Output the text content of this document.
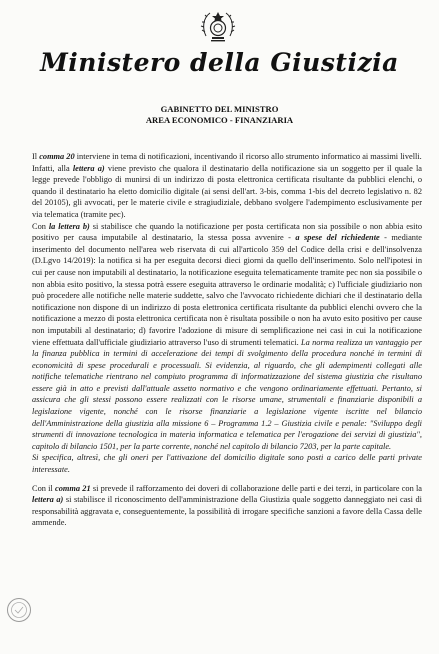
Ministero della Giustizia
GABINETTO DEL MINISTRO
AREA ECONOMICO - FINANZIARIA

Il comma 20 interviene in tema di notificazioni, incentivando il ricorso allo strumento informatico ai massimi livelli.

Infatti, alla lettera a) viene previsto che qualora il destinatario della notificazione sia un soggetto per il quale la legge prevede l'obbligo di munirsi di un indirizzo di posta elettronica certificata risultante da pubblici elenchi, o quando il destinatario ha eletto domicilio digitale (ai sensi dell'art. 3-bis, comma 1-bis del decreto legislativo n. 82 del 20105), gli avvocati, per le materie civile e stragiudiziale, debbano svolgere l'adempimento esclusivamente per via telematica (tramite pec).

Con la lettera b) si stabilisce che quando la notificazione per posta certificata non sia possibile o non abbia esito positivo per causa imputabile al destinatario, la stessa possa avvenire - a spese del richiedente - mediante inserimento del documento nell'area web riservata di cui all'articolo 359 del Codice della crisi e dell'insolvenza (D.Lgvo 14/2019): la notifica si ha per eseguita decorsi dieci giorni da quello dell'inserimento. Solo nell'ipotesi in cui per cause non imputabili al destinatario, la notificazione eseguita telematicamente tramite pec non sia possibile o non abbia esito positivo, la stessa potrà essere eseguita attraverso le ordinarie modalità; c) l'ufficiale giudiziario non può procedere alle notifiche nelle materie suddette, salvo che l'avvocato richiedente dichiari che il destinatario della notificazione non dispone di un indirizzo di posta elettronica certificata risultante da pubblici elenchi ovvero che la notificazione a mezzo di posta elettronica certificata non è risultata possibile o non ha avuto esito positivo per cause non imputabili al destinatario; d) favorire l'adozione di misure di semplificazione nei casi in cui la notificazione viene effettuata dall'ufficiale giudiziario attraverso l'uso di strumenti telematici. La norma realizza un vantaggio per la finanza pubblica in termini di accelerazione dei tempi di svolgimento della procedura nonché in termini di economicità di spese procedurali e processuali. Si evidenzia, al riguardo, che gli adempimenti collegati alle notifiche telematiche rientrano nel compiuto programma di informatizzazione del sistema giustizia che risultano essere già in atto e previsti dall'attuale assetto normativo e che vengono ordinariamente effettuati. Pertanto, si assicura che gli stessi possono essere realizzati con le risorse umane, strumentali e finanziarie disponibili a legislazione vigente, nonché con le risorse finanziarie a legislazione vigente iscritte nel bilancio dell'Amministrazione della giustizia alla missione 6 – Programma 1.2 – Giustizia civile e penale: "Sviluppo degli strumenti di innovazione tecnologica in materia informatica e telematica per l'erogazione dei servizi di giustizia", capitolo di bilancio 1501, per la parte corrente, nonché nel capitolo di bilancio 7203, per la parte capitale.

Si specifica, altresì, che gli oneri per l'attivazione del domicilio digitale sono posti a carico delle parti private interessate.

Con il comma 21 si prevede il rafforzamento dei doveri di collaborazione delle parti e dei terzi, in particolare con la lettera a) si stabilisce il riconoscimento dell'amministrazione della Giustizia quale soggetto danneggiato nei casi di responsabilità aggravata e, conseguentemente, la possibilità di irrogare specifiche sanzioni a favore della Cassa delle ammende.
